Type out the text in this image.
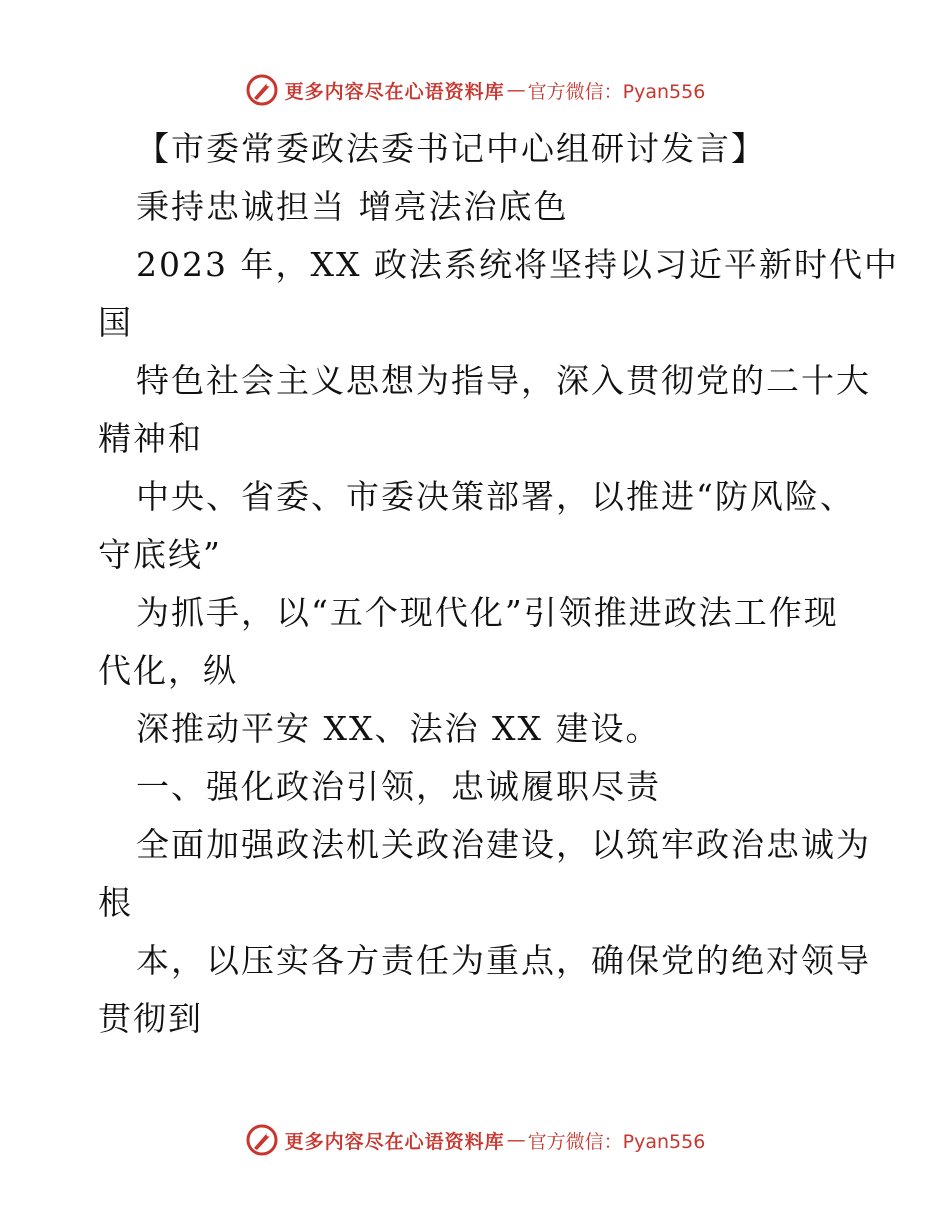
更多内容尽在心语资料库 — 官方微信：Pyan556
【市委常委政法委书记中心组研讨发言】
秉持忠诚担当 增亮法治底色
2023 年，XX 政法系统将坚持以习近平新时代中
国
特色社会主义思想为指导，深入贯彻党的二十大
精神和
中央、省委、市委决策部署，以推进“防风险、
守底线”
为抓手，以“五个现代化”引领推进政法工作现
代化，纵
深推动平安 XX、法治 XX 建设。
一、强化政治引领，忠诚履职尽责
全面加强政法机关政治建设，以筑牢政治忠诚为
根
本，以压实各方责任为重点，确保党的绝对领导
贯彻到
更多内容尽在心语资料库 — 官方微信：Pyan556
